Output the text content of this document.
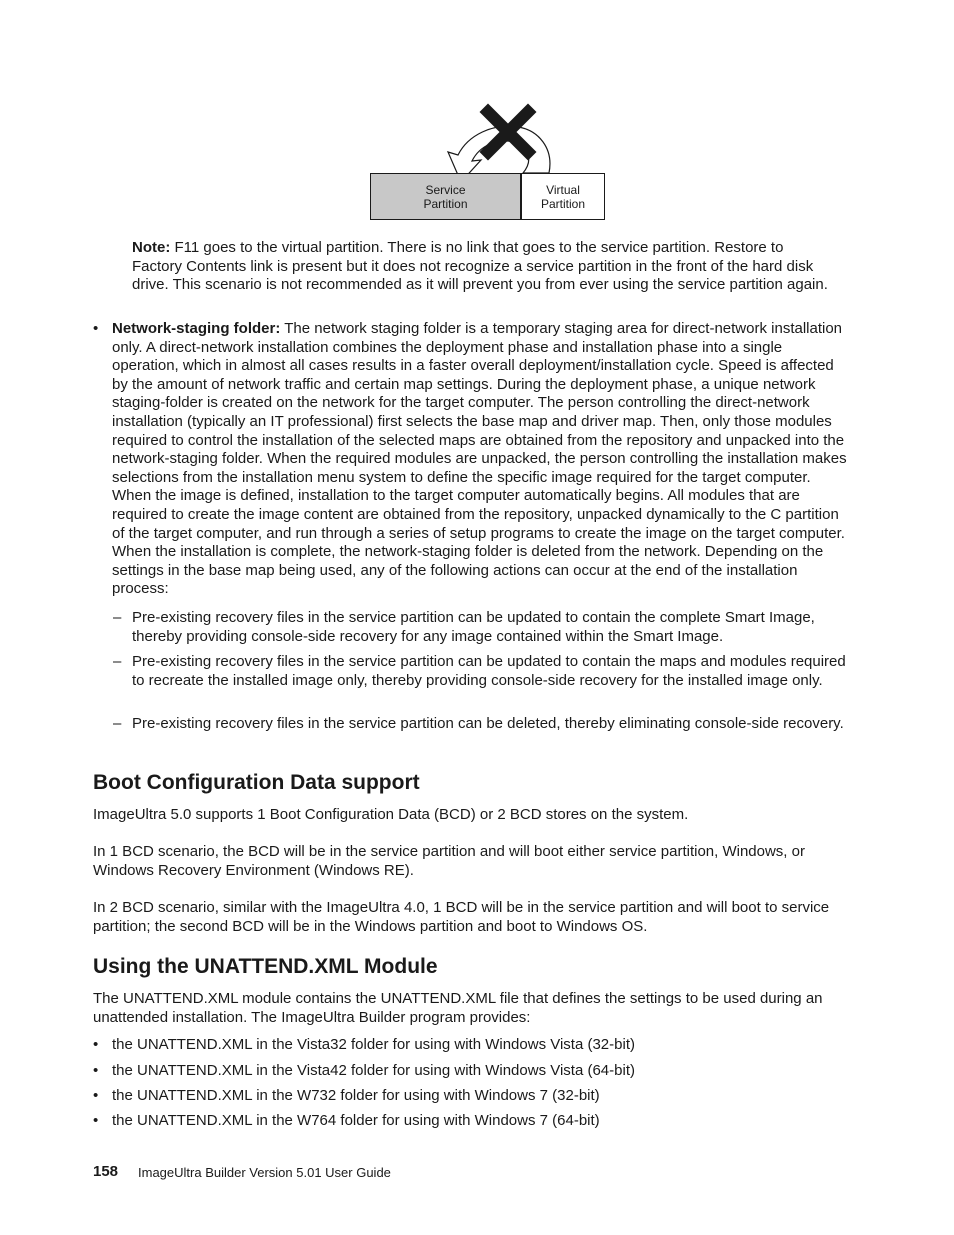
Service
Partition
Virtual
Partition

Note: F11 goes to the virtual partition. There is no link that goes to the service partition. Restore to Factory Contents link is present but it does not recognize a service partition in the front of the hard disk drive. This scenario is not recommended as it will prevent you from ever using the service partition again.

• Network-staging folder: The network staging folder is a temporary staging area for direct-network installation only. A direct-network installation combines the deployment phase and installation phase into a single operation, which in almost all cases results in a faster overall deployment/installation cycle. Speed is affected by the amount of network traffic and certain map settings. During the deployment phase, a unique network staging-folder is created on the network for the target computer. The person controlling the direct-network installation (typically an IT professional) first selects the base map and driver map. Then, only those modules required to control the installation of the selected maps are obtained from the repository and unpacked into the network-staging folder. When the required modules are unpacked, the person controlling the installation makes selections from the installation menu system to define the specific image required for the target computer. When the image is defined, installation to the target computer automatically begins. All modules that are required to create the image content are obtained from the repository, unpacked dynamically to the C partition of the target computer, and run through a series of setup programs to create the image on the target computer. When the installation is complete, the network-staging folder is deleted from the network. Depending on the settings in the base map being used, any of the following actions can occur at the end of the installation process:

– Pre-existing recovery files in the service partition can be updated to contain the complete Smart Image, thereby providing console-side recovery for any image contained within the Smart Image.

– Pre-existing recovery files in the service partition can be updated to contain the maps and modules required to recreate the installed image only, thereby providing console-side recovery for the installed image only.

– Pre-existing recovery files in the service partition can be deleted, thereby eliminating console-side recovery.

Boot Configuration Data support

ImageUltra 5.0 supports 1 Boot Configuration Data (BCD) or 2 BCD stores on the system.

In 1 BCD scenario, the BCD will be in the service partition and will boot either service partition, Windows, or Windows Recovery Environment (Windows RE).

In 2 BCD scenario, similar with the ImageUltra 4.0, 1 BCD will be in the service partition and will boot to service partition; the second BCD will be in the Windows partition and boot to Windows OS.

Using the UNATTEND.XML Module

The UNATTEND.XML module contains the UNATTEND.XML file that defines the settings to be used during an unattended installation. The ImageUltra Builder program provides:

• the UNATTEND.XML in the Vista32 folder for using with Windows Vista (32-bit)

• the UNATTEND.XML in the Vista42 folder for using with Windows Vista (64-bit)

• the UNATTEND.XML in the W732 folder for using with Windows 7 (32-bit)

• the UNATTEND.XML in the W764 folder for using with Windows 7 (64-bit)

158 ImageUltra Builder Version 5.01 User Guide
